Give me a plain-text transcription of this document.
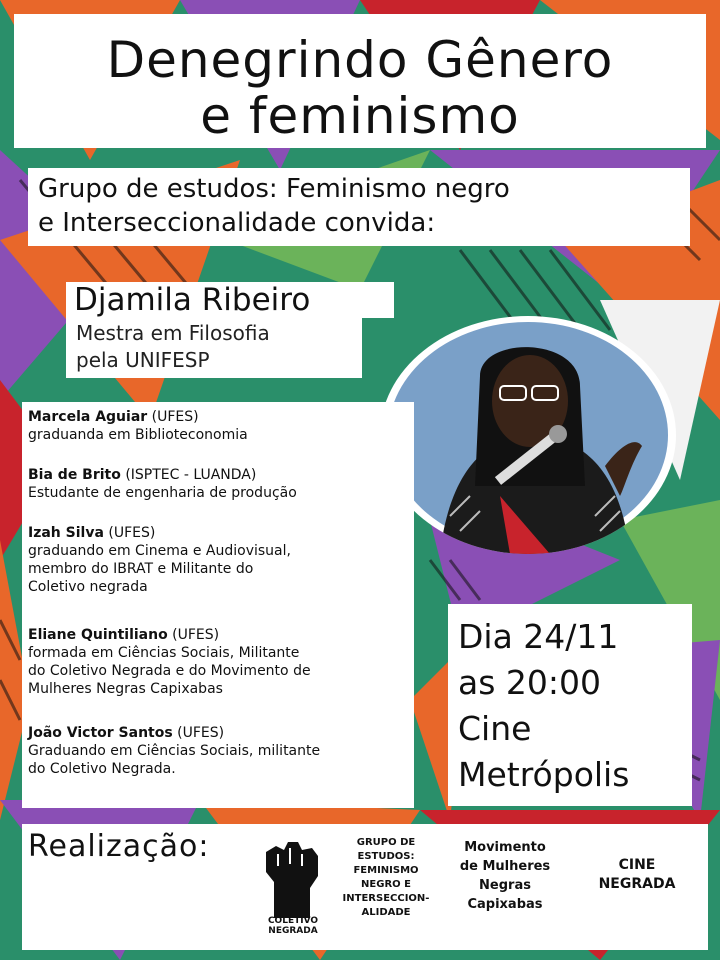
Denegrindo Gênero
e feminismo
Grupo de estudos: Feminismo negro
e Interseccionalidade convida:
Djamila Ribeiro
Mestra em Filosofia
pela UNIFESP
Marcela Aguiar (UFES)
graduanda em Biblioteconomia
Bia de Brito (ISPTEC - LUANDA)
Estudante de engenharia de produção
Izah Silva (UFES)
graduando em Cinema e Audiovisual,
membro do IBRAT e Militante do
Coletivo negrada
Eliane Quintiliano (UFES)
formada em Ciências Sociais, Militante
do Coletivo Negrada e do Movimento de
Mulheres Negras Capixabas
João Victor Santos (UFES)
Graduando em Ciências Sociais, militante
do Coletivo Negrada.
Dia 24/11
as 20:00
Cine
Metrópolis
Realização:
COLETIVO
NEGRADA
GRUPO DE
ESTUDOS:
FEMINISMO
NEGRO E
INTERSECCION-
ALIDADE
Movimento
de Mulheres
Negras
Capixabas
CINE
NEGRADA
